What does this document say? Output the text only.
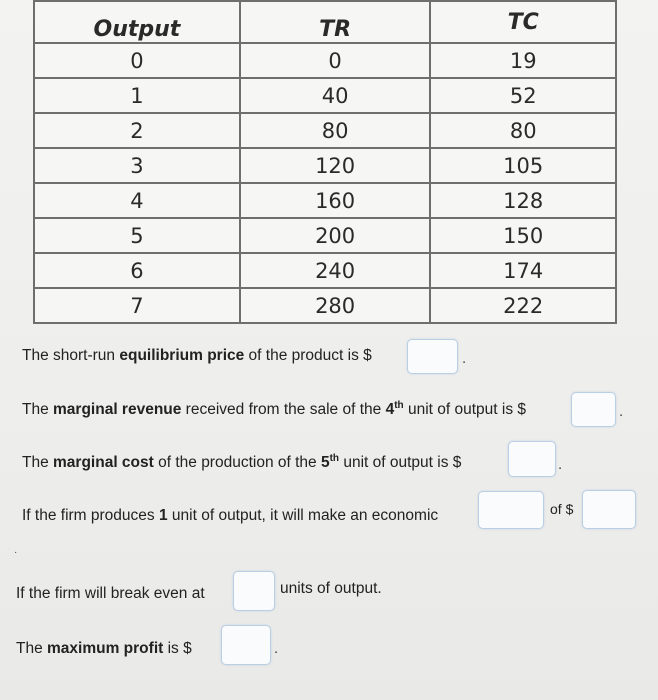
Output	TR	TC
0	0	19
1	40	52
2	80	80
3	120	105
4	160	128
5	200	150
6	240	174
7	280	222
The short-run equilibrium price of the product is $	.
The marginal revenue received from the sale of the 4th unit of output is $	.
The marginal cost of the production of the 5th unit of output is $	.
If the firm produces 1 unit of output, it will make an economic	of $
·
If the firm will break even at	units of output.
The maximum profit is $	.
